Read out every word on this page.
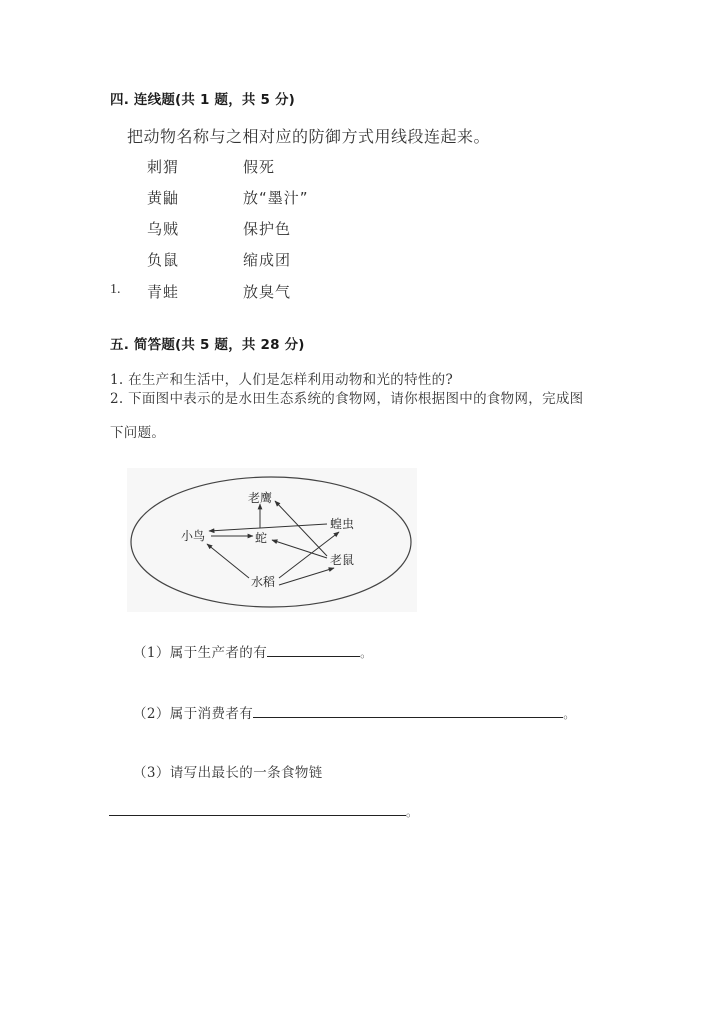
四. 连线题(共 1 题，共 5 分)
把动物名称与之相对应的防御方式用线段连起来。
刺猬	假死
黄鼬	放“墨汁”
乌贼	保护色
负鼠	缩成团
1. 青蛙	放臭气
五. 简答题(共 5 题，共 28 分)
1. 在生产和生活中，人们是怎样利用动物和光的特性的?
2. 下面图中表示的是水田生态系统的食物网，请你根据图中的食物网，完成图
下问题。
老鹰
小鸟	蛇
蝗虫
老鼠
水稻
（1）属于生产者的有	。
（2）属于消费者有	。
（3）请写出最长的一条食物链
。
